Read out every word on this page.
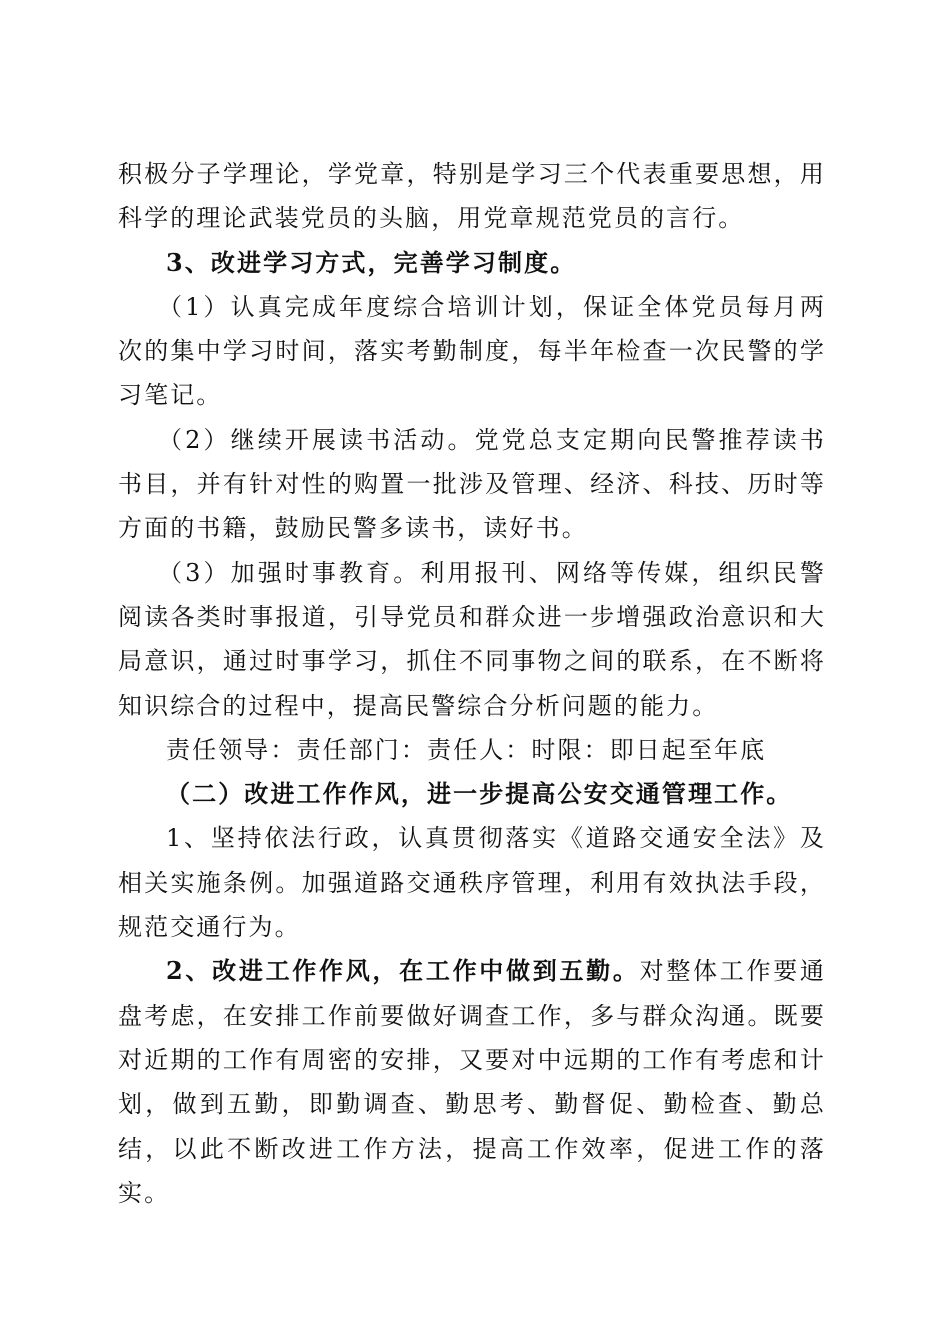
积极分子学理论，学党章，特别是学习三个代表重要思想，用科学的理论武装党员的头脑，用党章规范党员的言行。

3、改进学习方式，完善学习制度。

（1）认真完成年度综合培训计划，保证全体党员每月两次的集中学习时间，落实考勤制度，每半年检查一次民警的学习笔记。

（2）继续开展读书活动。党党总支定期向民警推荐读书书目，并有针对性的购置一批涉及管理、经济、科技、历时等方面的书籍，鼓励民警多读书，读好书。

（3）加强时事教育。利用报刊、网络等传媒，组织民警阅读各类时事报道，引导党员和群众进一步增强政治意识和大局意识，通过时事学习，抓住不同事物之间的联系，在不断将知识综合的过程中，提高民警综合分析问题的能力。

责任领导：责任部门：责任人：时限：即日起至年底

（二）改进工作作风，进一步提高公安交通管理工作。

1、坚持依法行政，认真贯彻落实《道路交通安全法》及相关实施条例。加强道路交通秩序管理，利用有效执法手段，规范交通行为。

2、改进工作作风，在工作中做到五勤。对整体工作要通盘考虑，在安排工作前要做好调查工作，多与群众沟通。既要对近期的工作有周密的安排，又要对中远期的工作有考虑和计划，做到五勤，即勤调查、勤思考、勤督促、勤检查、勤总结，以此不断改进工作方法，提高工作效率，促进工作的落实。
